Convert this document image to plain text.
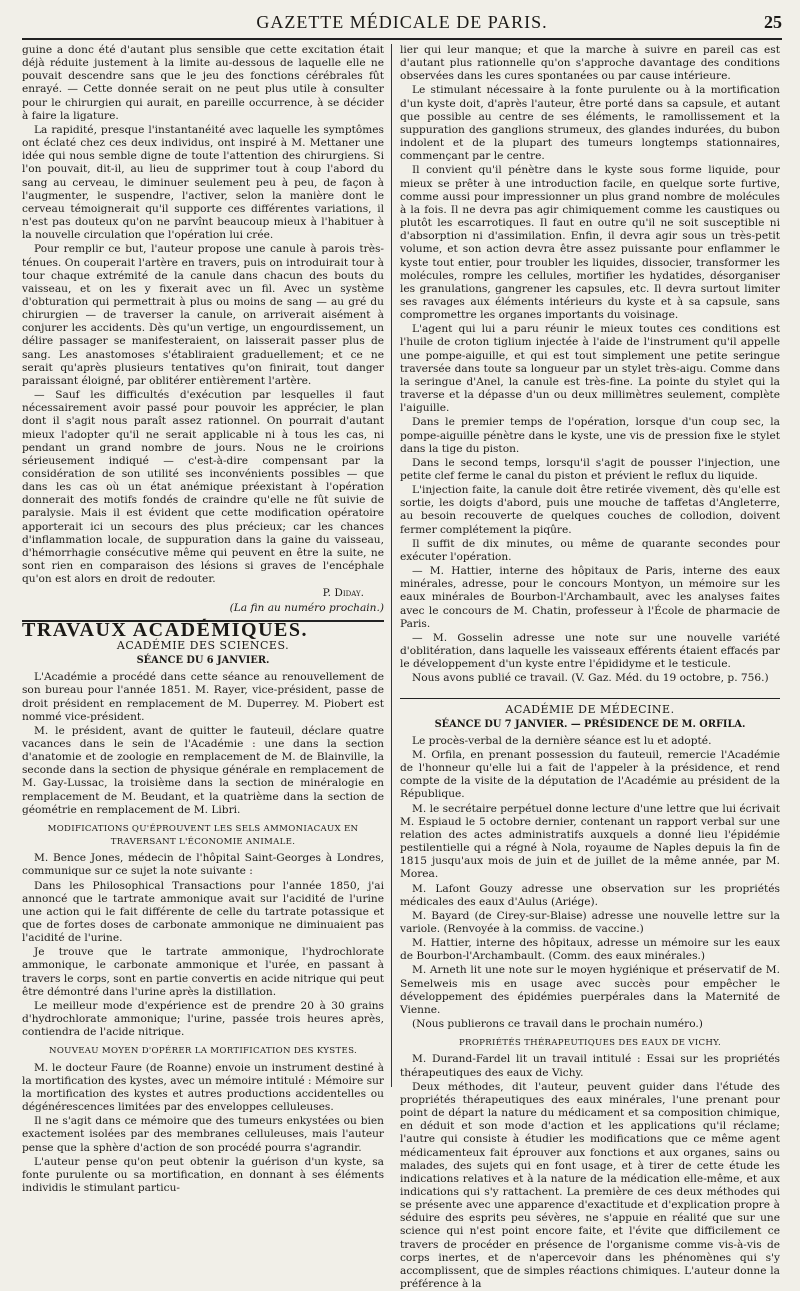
GAZETTE MÉDICALE DE PARIS.	25

guine a donc été d'autant plus sensible que cette excitation était déjà réduite justement à la limite au-dessous de laquelle elle ne pouvait descendre sans que le jeu des fonctions cérébrales fût enrayé. — Cette donnée serait on ne peut plus utile à consulter pour le chirurgien qui aurait, en pareille occurrence, à se décider à faire la ligature.

La rapidité, presque l'instantanéité avec laquelle les symptômes ont éclaté chez ces deux individus, ont inspiré à M. Mettaner une idée qui nous semble digne de toute l'attention des chirurgiens. Si l'on pouvait, dit-il, au lieu de supprimer tout à coup l'abord du sang au cerveau, le diminuer seulement peu à peu, de façon à l'augmenter, le suspendre, l'activer, selon la manière dont le cerveau témoignerait qu'il supporte ces différentes variations, il n'est pas douteux qu'on ne parvînt beaucoup mieux à l'habituer à la nouvelle circulation que l'opération lui crée.

Pour remplir ce but, l'auteur propose une canule à parois très-ténues. On couperait l'artère en travers, puis on introduirait tour à tour chaque extrémité de la canule dans chacun des bouts du vaisseau, et on les y fixerait avec un fil. Avec un système d'obturation qui permettrait à plus ou moins de sang — au gré du chirurgien — de traverser la canule, on arriverait aisément à conjurer les accidents. Dès qu'un vertige, un engourdissement, un délire passager se manifesteraient, on laisserait passer plus de sang. Les anastomoses s'établiraient graduellement; et ce ne serait qu'après plusieurs tentatives qu'on finirait, tout danger paraissant éloigné, par oblitérer entièrement l'artère.

— Sauf les difficultés d'exécution par lesquelles il faut nécessairement avoir passé pour pouvoir les apprécier, le plan dont il s'agit nous paraît assez rationnel. On pourrait d'autant mieux l'adopter qu'il ne serait applicable ni à tous les cas, ni pendant un grand nombre de jours. Nous ne le croirions sérieusement indiqué — c'est-à-dire compensant par la considération de son utilité ses inconvénients possibles — que dans les cas où un état anémique préexistant à l'opération donnerait des motifs fondés de craindre qu'elle ne fût suivie de paralysie. Mais il est évident que cette modification opératoire apporterait ici un secours des plus précieux; car les chances d'inflammation locale, de suppuration dans la gaine du vaisseau, d'hémorrhagie consécutive même qui peuvent en être la suite, ne sont rien en comparaison des lésions si graves de l'encéphale qu'on est alors en droit de redouter.

P. Diday.

(La fin au numéro prochain.)

TRAVAUX ACADÉMIQUES.
ACADÉMIE DES SCIENCES.
SÉANCE DU 6 JANVIER.

L'Académie a procédé dans cette séance au renouvellement de son bureau pour l'année 1851. M. Rayer, vice-président, passe de droit président en remplacement de M. Duperrey. M. Piobert est nommé vice-président.

M. le président, avant de quitter le fauteuil, déclare quatre vacances dans le sein de l'Académie : une dans la section d'anatomie et de zoologie en remplacement de M. de Blainville, la seconde dans la section de physique générale en remplacement de M. Gay-Lussac, la troisième dans la section de minéralogie en remplacement de M. Beudant, et la quatrième dans la section de géométrie en remplacement de M. Libri.

MODIFICATIONS QU'ÉPROUVENT LES SELS AMMONIACAUX EN TRAVERSANT L'ÉCONOMIE ANIMALE.

M. Bence Jones, médecin de l'hôpital Saint-Georges à Londres, communique sur ce sujet la note suivante :

Dans les Philosophical Transactions pour l'année 1850, j'ai annoncé que le tartrate ammonique avait sur l'acidité de l'urine une action qui le fait différente de celle du tartrate potassique et que de fortes doses de carbonate ammonique ne diminuaient pas l'acidité de l'urine.

Je trouve que le tartrate ammonique, l'hydrochlorate ammonique, le carbonate ammonique et l'urée, en passant à travers le corps, sont en partie convertis en acide nitrique qui peut être démontré dans l'urine après la distillation.

Le meilleur mode d'expérience est de prendre 20 à 30 grains d'hydrochlorate ammonique; l'urine, passée trois heures après, contiendra de l'acide nitrique.

NOUVEAU MOYEN D'OPÉRER LA MORTIFICATION DES KYSTES.

M. le docteur Faure (de Roanne) envoie un instrument destiné à la mortification des kystes, avec un mémoire intitulé : Mémoire sur la mortification des kystes et autres productions accidentelles ou dégénérescences limitées par des enveloppes celluleuses.

Il ne s'agit dans ce mémoire que des tumeurs enkystées ou bien exactement isolées par des membranes celluleuses, mais l'auteur pense que la sphère d'action de son procédé pourra s'agrandir.

L'auteur pense qu'on peut obtenir la guérison d'un kyste, sa fonte purulente ou sa mortification, en donnant à ses éléments individis le stimulant particu-

lier qui leur manque; et que la marche à suivre en pareil cas est d'autant plus rationnelle qu'on s'approche davantage des conditions observées dans les cures spontanées ou par cause intérieure.

Le stimulant nécessaire à la fonte purulente ou à la mortification d'un kyste doit, d'après l'auteur, être porté dans sa capsule, et autant que possible au centre de ses éléments, le ramollissement et la suppuration des ganglions strumeux, des glandes indurées, du bubon indolent et de la plupart des tumeurs longtemps stationnaires, commençant par le centre.

Il convient qu'il pénètre dans le kyste sous forme liquide, pour mieux se prêter à une introduction facile, en quelque sorte furtive, comme aussi pour impressionner un plus grand nombre de molécules à la fois. Il ne devra pas agir chimiquement comme les caustiques ou plutôt les escarrotiques. Il faut en outre qu'il ne soit susceptible ni d'absorption ni d'assimilation. Enfin, il devra agir sous un très-petit volume, et son action devra être assez puissante pour enflammer le kyste tout entier, pour troubler les liquides, dissocier, transformer les molécules, rompre les cellules, mortifier les hydatides, désorganiser les granulations, gangrener les capsules, etc. Il devra surtout limiter ses ravages aux éléments intérieurs du kyste et à sa capsule, sans compromettre les organes importants du voisinage.

L'agent qui lui a paru réunir le mieux toutes ces conditions est l'huile de croton tiglium injectée à l'aide de l'instrument qu'il appelle une pompe-aiguille, et qui est tout simplement une petite seringue traversée dans toute sa longueur par un stylet très-aigu. Comme dans la seringue d'Anel, la canule est très-fine. La pointe du stylet qui la traverse et la dépasse d'un ou deux millimètres seulement, complète l'aiguille.

Dans le premier temps de l'opération, lorsque d'un coup sec, la pompe-aiguille pénètre dans le kyste, une vis de pression fixe le stylet dans la tige du piston.

Dans le second temps, lorsqu'il s'agit de pousser l'injection, une petite clef ferme le canal du piston et prévient le reflux du liquide.

L'injection faite, la canule doit être retirée vivement, dès qu'elle est sortie, les doigts d'abord, puis une mouche de taffetas d'Angleterre, au besoin recouverte de quelques couches de collodion, doivent fermer complétement la piqûre.

Il suffit de dix minutes, ou même de quarante secondes pour exécuter l'opération.

— M. Hattier, interne des hôpitaux de Paris, interne des eaux minérales, adresse, pour le concours Montyon, un mémoire sur les eaux minérales de Bourbon-l'Archambault, avec les analyses faites avec le concours de M. Chatin, professeur à l'École de pharmacie de Paris.

— M. Gosselin adresse une note sur une nouvelle variété d'oblitération, dans laquelle les vaisseaux efférents étaient effacés par le développement d'un kyste entre l'épididyme et le testicule.

Nous avons publié ce travail. (V. Gaz. Méd. du 19 octobre, p. 756.)

ACADÉMIE DE MÉDECINE.
SÉANCE DU 7 JANVIER. — PRÉSIDENCE DE M. ORFILA.

Le procès-verbal de la dernière séance est lu et adopté.

M. Orfila, en prenant possession du fauteuil, remercie l'Académie de l'honneur qu'elle lui a fait de l'appeler à la présidence, et rend compte de la visite de la députation de l'Académie au président de la République.

M. le secrétaire perpétuel donne lecture d'une lettre que lui écrivait M. Espiaud le 5 octobre dernier, contenant un rapport verbal sur une relation des actes administratifs auxquels a donné lieu l'épidémie pestilentielle qui a régné à Nola, royaume de Naples depuis la fin de 1815 jusqu'aux mois de juin et de juillet de la même année, par M. Morea.

M. Lafont Gouzy adresse une observation sur les propriétés médicales des eaux d'Aulus (Ariége).

M. Bayard (de Cirey-sur-Blaise) adresse une nouvelle lettre sur la variole. (Renvoyée à la commiss. de vaccine.)

M. Hattier, interne des hôpitaux, adresse un mémoire sur les eaux de Bourbon-l'Archambault. (Comm. des eaux minérales.)

M. Arneth lit une note sur le moyen hygiénique et préservatif de M. Semelweis mis en usage avec succès pour empêcher le développement des épidémies puerpérales dans la Maternité de Vienne.

(Nous publierons ce travail dans le prochain numéro.)

PROPRIÉTÉS THÉRAPEUTIQUES DES EAUX DE VICHY.

M. Durand-Fardel lit un travail intitulé : Essai sur les propriétés thérapeutiques des eaux de Vichy.

Deux méthodes, dit l'auteur, peuvent guider dans l'étude des propriétés thérapeutiques des eaux minérales, l'une prenant pour point de départ la nature du médicament et sa composition chimique, en déduit et son mode d'action et les applications qu'il réclame; l'autre qui consiste à étudier les modifications que ce même agent médicamenteux fait éprouver aux fonctions et aux organes, sains ou malades, des sujets qui en font usage, et à tirer de cette étude les indications relatives et à la nature de la médication elle-même, et aux indications qui s'y rattachent. La première de ces deux méthodes qui se présente avec une apparence d'exactitude et d'explication propre à séduire des esprits peu sévères, ne s'appuie en réalité que sur une science qui n'est point encore faite, et l'évite que difficilement ce travers de procéder en présence de l'organisme comme vis-à-vis de corps inertes, et de n'apercevoir dans les phénomènes qui s'y accomplissent, que de simples réactions chimiques. L'auteur donne la préférence à la
